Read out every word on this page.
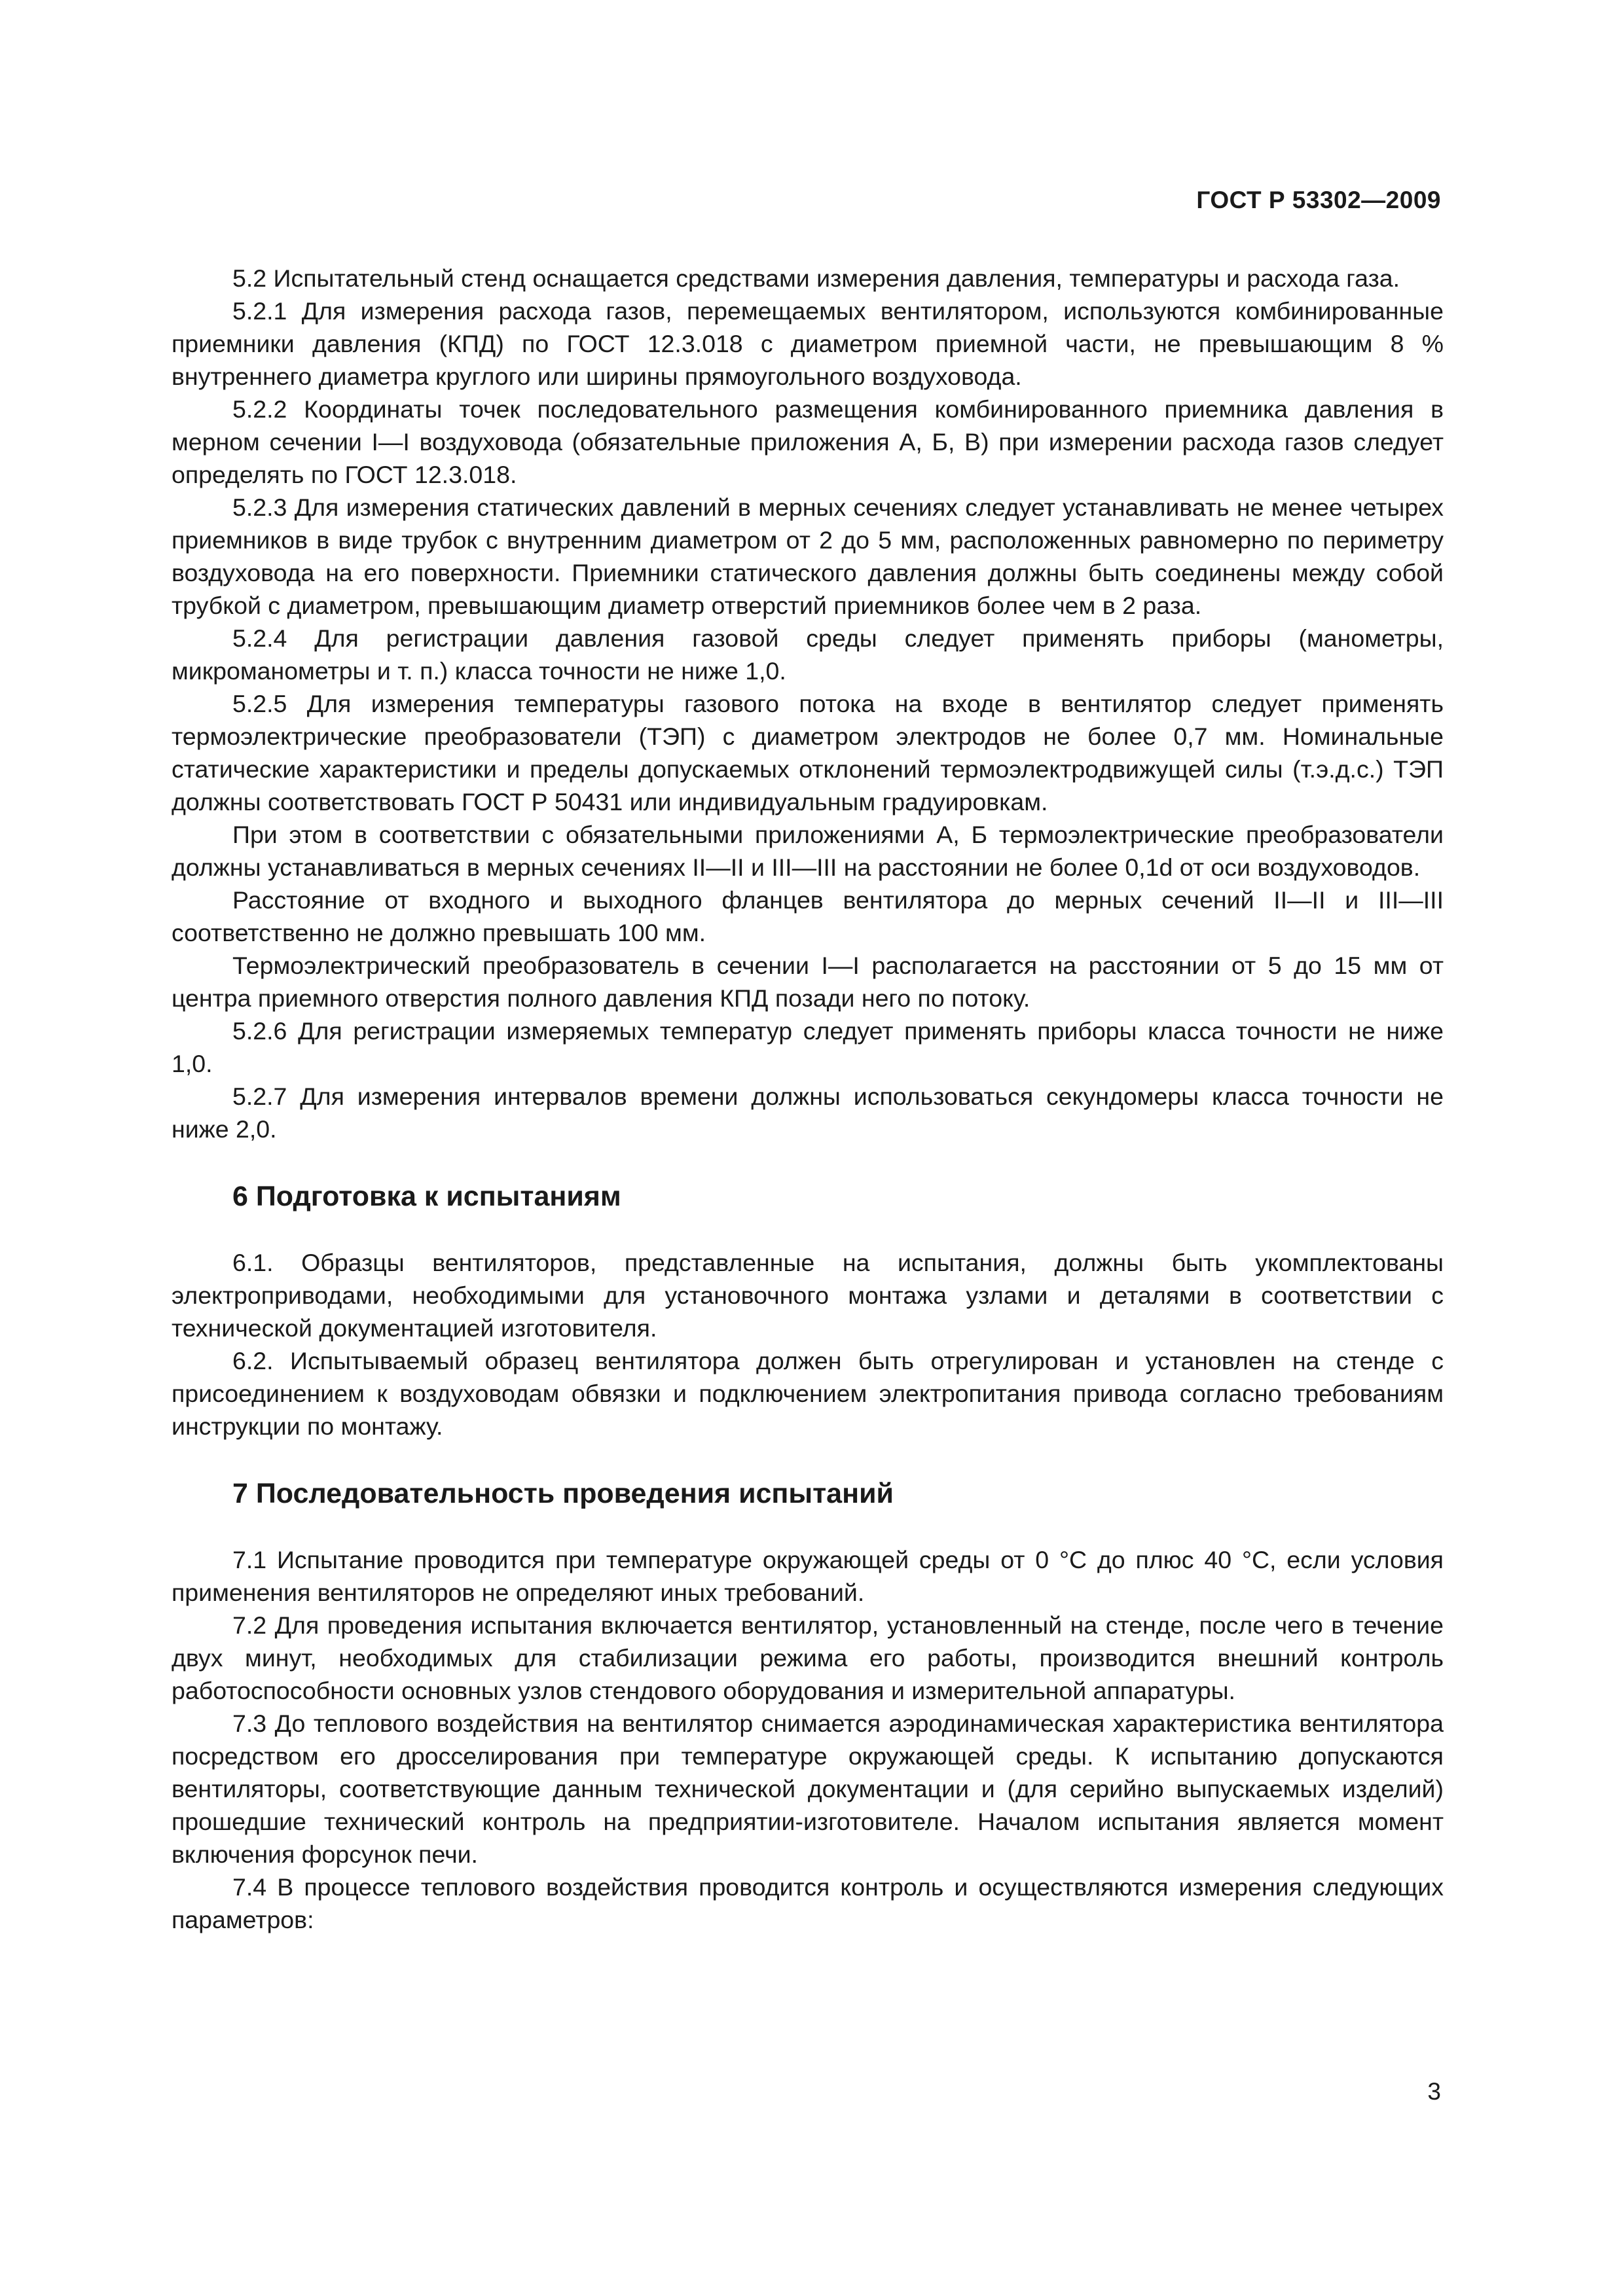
ГОСТ Р 53302—2009

5.2 Испытательный стенд оснащается средствами измерения давления, температуры и расхода газа.

5.2.1 Для измерения расхода газов, перемещаемых вентилятором, используются комбинированные приемники давления (КПД) по ГОСТ 12.3.018 с диаметром приемной части, не превышающим 8 % внутреннего диаметра круглого или ширины прямоугольного воздуховода.

5.2.2 Координаты точек последовательного размещения комбинированного приемника давления в мерном сечении I—I воздуховода (обязательные приложения А, Б, В) при измерении расхода газов следует определять по ГОСТ 12.3.018.

5.2.3 Для измерения статических давлений в мерных сечениях следует устанавливать не менее четырех приемников в виде трубок с внутренним диаметром от 2 до 5 мм, расположенных равномерно по периметру воздуховода на его поверхности. Приемники статического давления должны быть соединены между собой трубкой с диаметром, превышающим диаметр отверстий приемников более чем в 2 раза.

5.2.4 Для регистрации давления газовой среды следует применять приборы (манометры, микроманометры и т. п.) класса точности не ниже 1,0.

5.2.5 Для измерения температуры газового потока на входе в вентилятор следует применять термоэлектрические преобразователи (ТЭП) с диаметром электродов не более 0,7 мм. Номинальные статические характеристики и пределы допускаемых отклонений термоэлектродвижущей силы (т.э.д.с.) ТЭП должны соответствовать ГОСТ Р 50431 или индивидуальным градуировкам.

При этом в соответствии с обязательными приложениями А, Б термоэлектрические преобразователи должны устанавливаться в мерных сечениях II—II и III—III на расстоянии не более 0,1d от оси воздуховодов.

Расстояние от входного и выходного фланцев вентилятора до мерных сечений II—II и III—III соответственно не должно превышать 100 мм.

Термоэлектрический преобразователь в сечении I—I располагается на расстоянии от 5 до 15 мм от центра приемного отверстия полного давления КПД позади него по потоку.

5.2.6 Для регистрации измеряемых температур следует применять приборы класса точности не ниже 1,0.

5.2.7 Для измерения интервалов времени должны использоваться секундомеры класса точности не ниже 2,0.

6 Подготовка к испытаниям

6.1. Образцы вентиляторов, представленные на испытания, должны быть укомплектованы электроприводами, необходимыми для установочного монтажа узлами и деталями в соответствии с технической документацией изготовителя.

6.2. Испытываемый образец вентилятора должен быть отрегулирован и установлен на стенде с присоединением к воздуховодам обвязки и подключением электропитания привода согласно требованиям инструкции по монтажу.

7 Последовательность проведения испытаний

7.1 Испытание проводится при температуре окружающей среды от 0 °С до плюс 40 °С, если условия применения вентиляторов не определяют иных требований.

7.2 Для проведения испытания включается вентилятор, установленный на стенде, после чего в течение двух минут, необходимых для стабилизации режима его работы, производится внешний контроль работоспособности основных узлов стендового оборудования и измерительной аппаратуры.

7.3 До теплового воздействия на вентилятор снимается аэродинамическая характеристика вентилятора посредством его дросселирования при температуре окружающей среды. К испытанию допускаются вентиляторы, соответствующие данным технической документации и (для серийно выпускаемых изделий) прошедшие технический контроль на предприятии-изготовителе. Началом испытания является момент включения форсунок печи.

7.4 В процессе теплового воздействия проводится контроль и осуществляются измерения следующих параметров:

3
